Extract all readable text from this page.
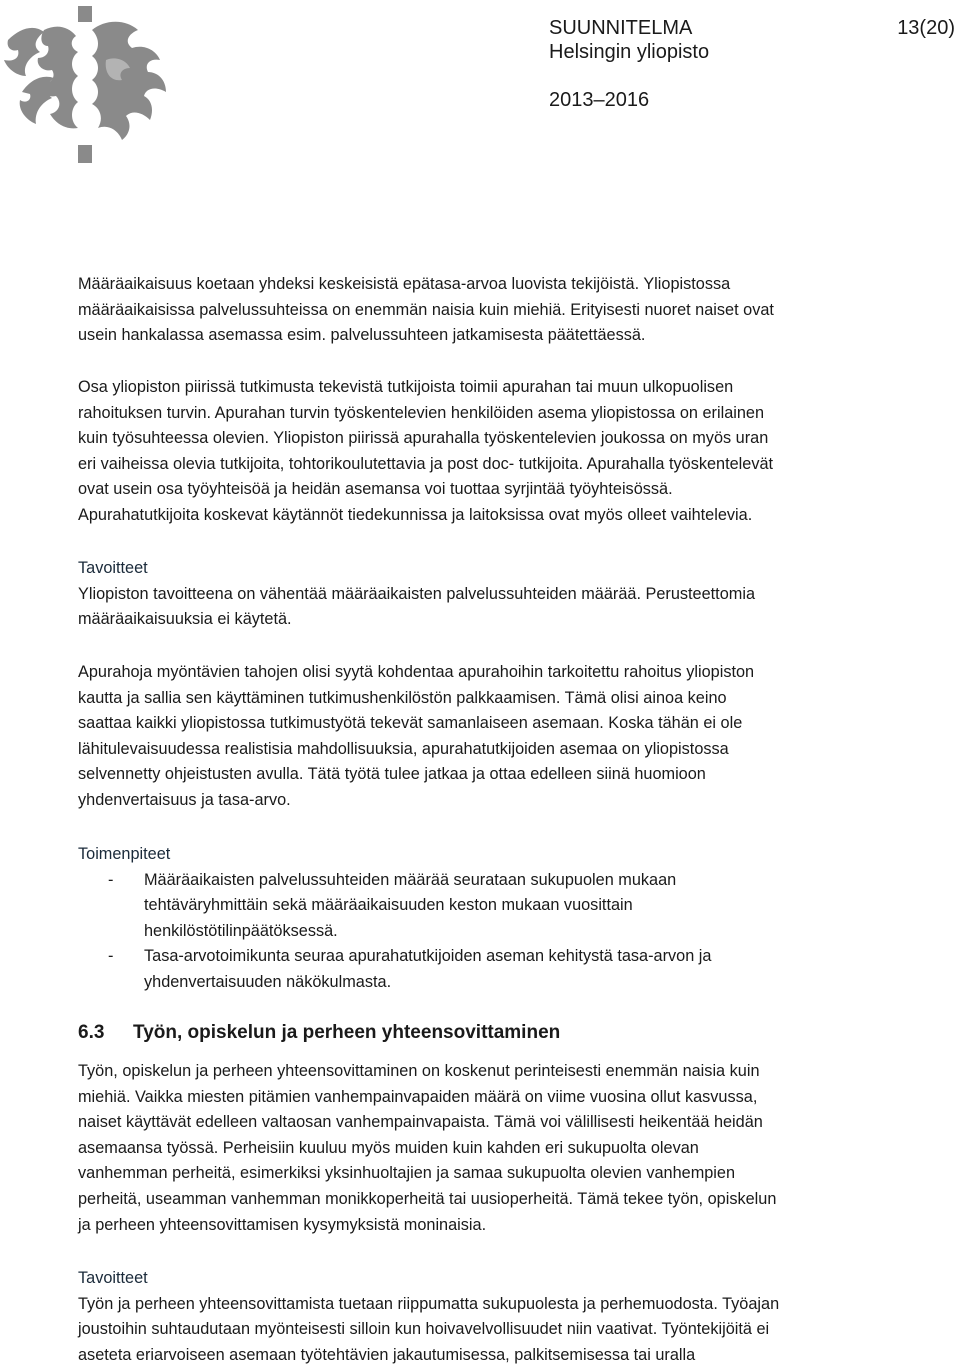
SUUNNITELMA
Helsingin yliopisto
2013–2016
13(20)
Määräaikaisuus koetaan yhdeksi keskeisistä epätasa-arvoa luovista tekijöistä. Yliopistossa
määräaikaisissa palvelussuhteissa on enemmän naisia kuin miehiä. Erityisesti nuoret naiset ovat
usein hankalassa asemassa esim. palvelussuhteen jatkamisesta päätettäessä.
Osa yliopiston piirissä tutkimusta tekevistä tutkijoista toimii apurahan tai muun ulkopuolisen
rahoituksen turvin. Apurahan turvin työskentelevien henkilöiden asema yliopistossa on erilainen
kuin työsuhteessa olevien. Yliopiston piirissä apurahalla työskentelevien joukossa on myös uran
eri vaiheissa olevia tutkijoita, tohtorikoulutettavia ja post doc- tutkijoita. Apurahalla työskentelevät
ovat usein osa työyhteisöä ja heidän asemansa voi tuottaa syrjintää työyhteisössä.
Apurahatutkijoita koskevat käytännöt tiedekunnissa ja laitoksissa ovat myös olleet vaihtelevia.
Tavoitteet
Yliopiston tavoitteena on vähentää määräaikaisten palvelussuhteiden määrää. Perusteettomia
määräaikaisuuksia ei käytetä.
Apurahoja myöntävien tahojen olisi syytä kohdentaa apurahoihin tarkoitettu rahoitus yliopiston
kautta ja sallia sen käyttäminen tutkimushenkilöstön palkkaamisen. Tämä olisi ainoa keino
saattaa kaikki yliopistossa tutkimustyötä tekevät samanlaiseen asemaan. Koska tähän ei ole
lähitulevaisuudessa realistisia mahdollisuuksia, apurahatutkijoiden asemaa on yliopistossa
selvennetty ohjeistusten avulla. Tätä työtä tulee jatkaa ja ottaa edelleen siinä huomioon
yhdenvertaisuus ja tasa-arvo.
Toimenpiteet
- Määräaikaisten palvelussuhteiden määrää seurataan sukupuolen mukaan
tehtäväryhmittäin sekä määräaikaisuuden keston mukaan vuosittain
henkilöstötilinpäätöksessä.
- Tasa-arvotoimikunta seuraa apurahatutkijoiden aseman kehitystä tasa-arvon ja
yhdenvertaisuuden näkökulmasta.
6.3 Työn, opiskelun ja perheen yhteensovittaminen
Työn, opiskelun ja perheen yhteensovittaminen on koskenut perinteisesti enemmän naisia kuin
miehiä. Vaikka miesten pitämien vanhempainvapaiden määrä on viime vuosina ollut kasvussa,
naiset käyttävät edelleen valtaosan vanhempainvapaista. Tämä voi välillisesti heikentää heidän
asemaansa työssä. Perheisiin kuuluu myös muiden kuin kahden eri sukupuolta olevan
vanhemman perheitä, esimerkiksi yksinhuoltajien ja samaa sukupuolta olevien vanhempien
perheitä, useamman vanhemman monikkoperheitä tai uusioperheitä. Tämä tekee työn, opiskelun
ja perheen yhteensovittamisen kysymyksistä moninaisia.
Tavoitteet
Työn ja perheen yhteensovittamista tuetaan riippumatta sukupuolesta ja perhemuodosta. Työajan
joustoihin suhtaudutaan myönteisesti silloin kun hoivavelvollisuudet niin vaativat. Työntekijöitä ei
aseteta eriarvoiseen asemaan työtehtävien jakautumisessa, palkitsemisessa tai uralla
